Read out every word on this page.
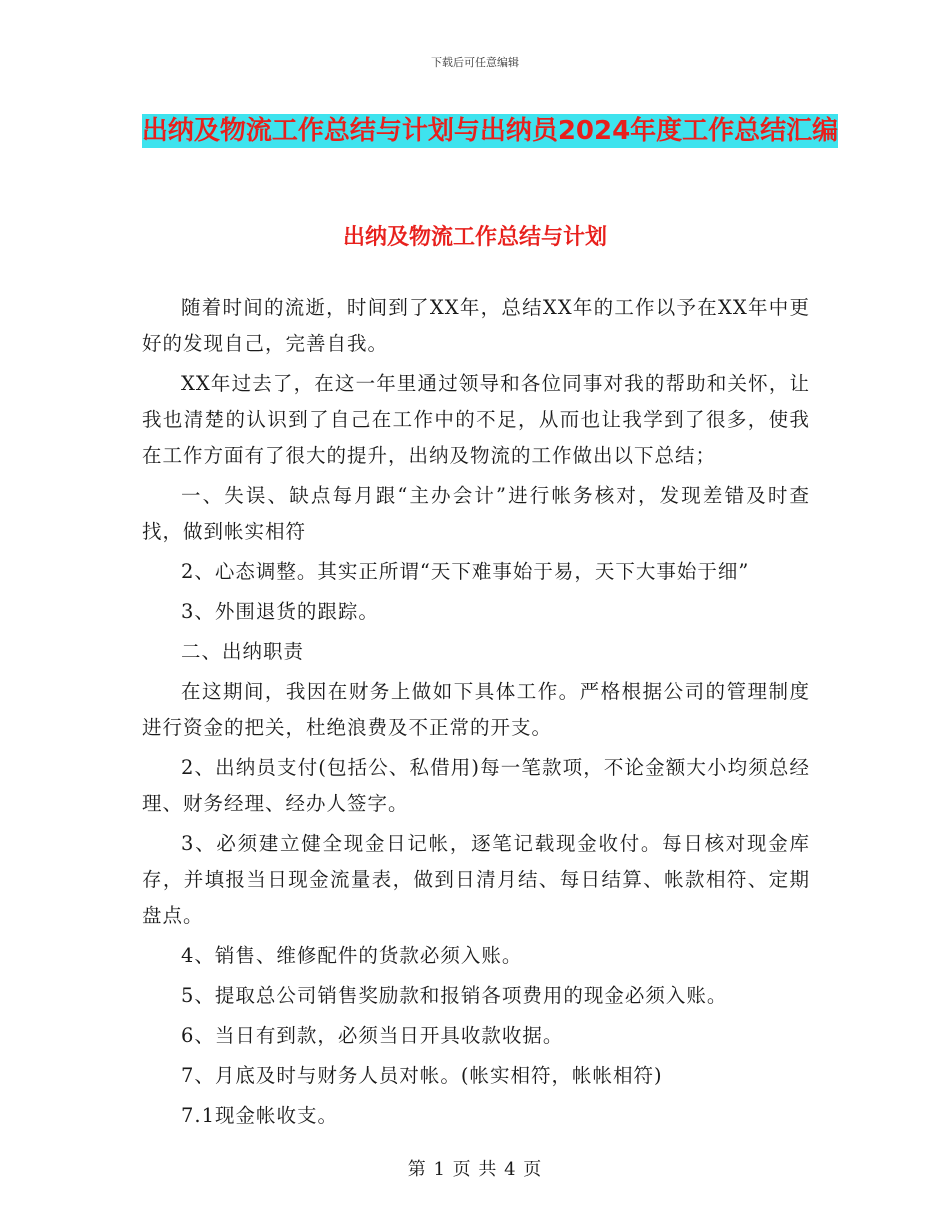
下载后可任意编辑
出纳及物流工作总结与计划与出纳员2024年度工作总结汇编
出纳及物流工作总结与计划

随着时间的流逝，时间到了XX年，总结XX年的工作以予在XX年中更好的发现自己，完善自我。

XX年过去了，在这一年里通过领导和各位同事对我的帮助和关怀，让我也清楚的认识到了自己在工作中的不足，从而也让我学到了很多，使我在工作方面有了很大的提升，出纳及物流的工作做出以下总结；

一、失误、缺点每月跟“主办会计”进行帐务核对，发现差错及时查找，做到帐实相符

2、心态调整。其实正所谓“天下难事始于易，天下大事始于细”

3、外围退货的跟踪。

二、出纳职责

在这期间，我因在财务上做如下具体工作。严格根据公司的管理制度进行资金的把关，杜绝浪费及不正常的开支。

2、出纳员支付(包括公、私借用)每一笔款项，不论金额大小均须总经理、财务经理、经办人签字。

3、必须建立健全现金日记帐，逐笔记载现金收付。每日核对现金库存，并填报当日现金流量表，做到日清月结、每日结算、帐款相符、定期盘点。

4、销售、维修配件的货款必须入账。

5、提取总公司销售奖励款和报销各项费用的现金必须入账。

6、当日有到款，必须当日开具收款收据。

7、月底及时与财务人员对帐。(帐实相符，帐帐相符)

7.1现金帐收支。

第 1 页 共 4 页
